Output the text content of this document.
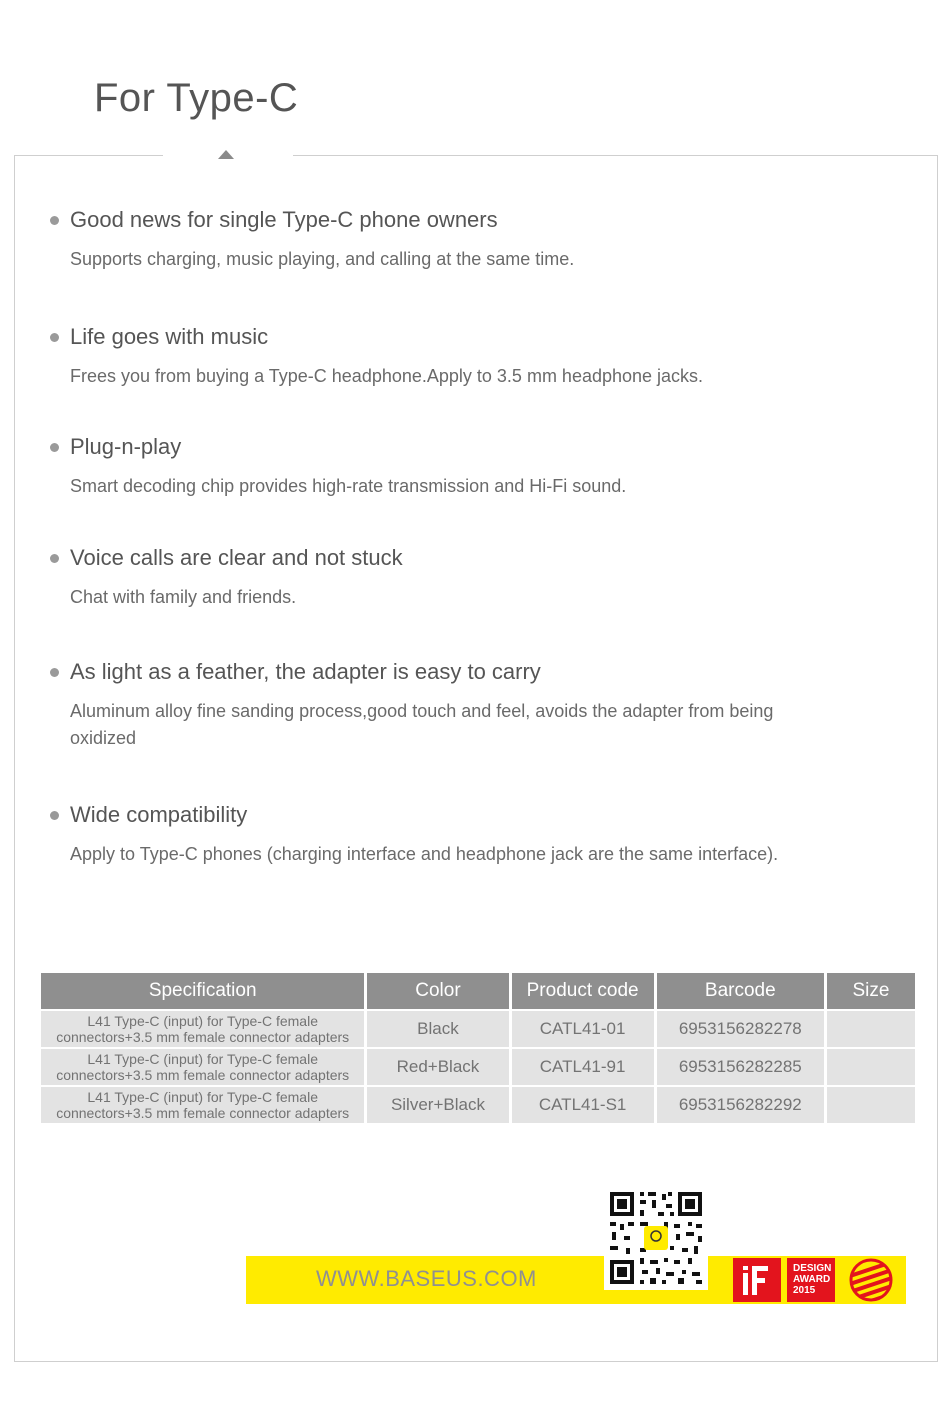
For Type-C
Good news for single Type-C phone owners
Supports charging, music playing, and calling at the same time.
Life goes with music
Frees you from buying a Type-C headphone.Apply to 3.5 mm headphone jacks.
Plug-n-play
Smart decoding chip provides high-rate transmission and Hi-Fi sound.
Voice calls are clear and not stuck
Chat with family and friends.
As light as a feather, the adapter is easy to carry
Aluminum alloy fine sanding process,good touch and feel, avoids the adapter from being oxidized
Wide compatibility
Apply to Type-C phones (charging interface and headphone jack are the same interface).
Specification	Color	Product code	Barcode	Size
L41 Type-C (input) for Type-C female connectors+3.5 mm female connector adapters	Black	CATL41-01	6953156282278	
L41 Type-C (input) for Type-C female connectors+3.5 mm female connector adapters	Red+Black	CATL41-91	6953156282285	
L41 Type-C (input) for Type-C female connectors+3.5 mm female connector adapters	Silver+Black	CATL41-S1	6953156282292	
WWW.BASEUS.COM	DESIGN
AWARD
2015
